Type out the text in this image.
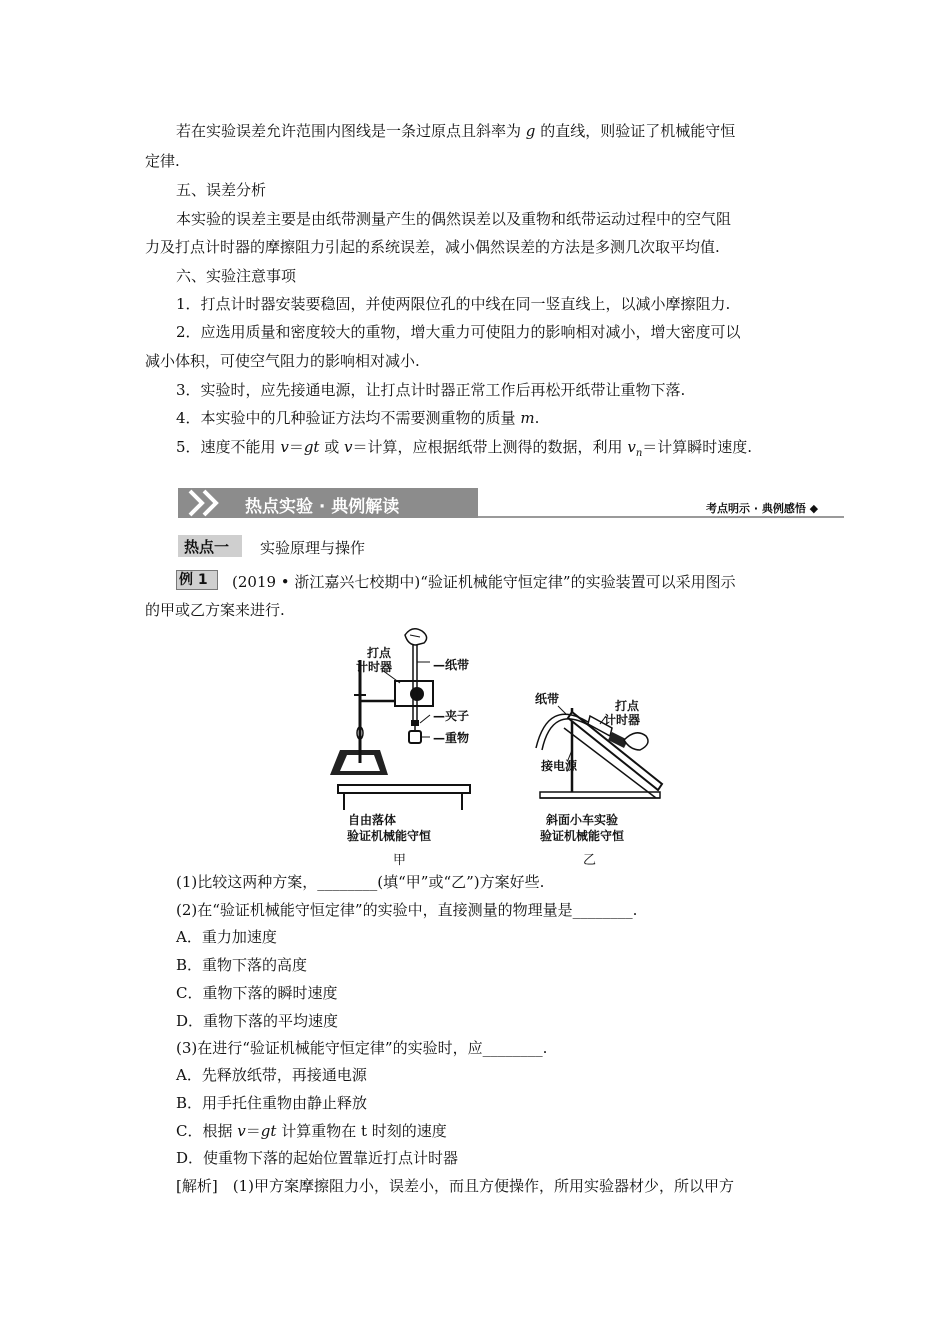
若在实验误差允许范围内图线是一条过原点且斜率为 g 的直线，则验证了机械能守恒
定律.
五、误差分析
本实验的误差主要是由纸带测量产生的偶然误差以及重物和纸带运动过程中的空气阻
力及打点计时器的摩擦阻力引起的系统误差，减小偶然误差的方法是多测几次取平均值.
六、实验注意事项
1．打点计时器安装要稳固，并使两限位孔的中线在同一竖直线上，以减小摩擦阻力.
2．应选用质量和密度较大的重物，增大重力可使阻力的影响相对减小，增大密度可以
减小体积，可使空气阻力的影响相对减小.
3．实验时，应先接通电源，让打点计时器正常工作后再松开纸带让重物下落.
4．本实验中的几种验证方法均不需要测重物的质量 m.
5．速度不能用 v＝gt 或 v＝计算，应根据纸带上测得的数据，利用 $v_n=$计算瞬时速度.
热点实验 · 典例解读	考点明示 · 典例感悟 ◆
热点一 实验原理与操作
例 1 (2019 • 浙江嘉兴七校期中)“验证机械能守恒定律”的实验装置可以采用图示
的甲或乙方案来进行.
打点
计时器	—纸带
—夹子
—重物
自由落体
验证机械能守恒
甲
纸带	打点
计时器
接电源
斜面小车实验
验证机械能守恒
乙
(1)比较这两种方案，________(填“甲”或“乙”)方案好些.
(2)在“验证机械能守恒定律”的实验中，直接测量的物理量是________.
A．重力加速度
B．重物下落的高度
C．重物下落的瞬时速度
D．重物下落的平均速度
(3)在进行“验证机械能守恒定律”的实验时，应________.
A．先释放纸带，再接通电源
B．用手托住重物由静止释放
C．根据 v＝gt 计算重物在 t 时刻的速度
D．使重物下落的起始位置靠近打点计时器
[解析]　(1)甲方案摩擦阻力小，误差小，而且方便操作，所用实验器材少，所以甲方
